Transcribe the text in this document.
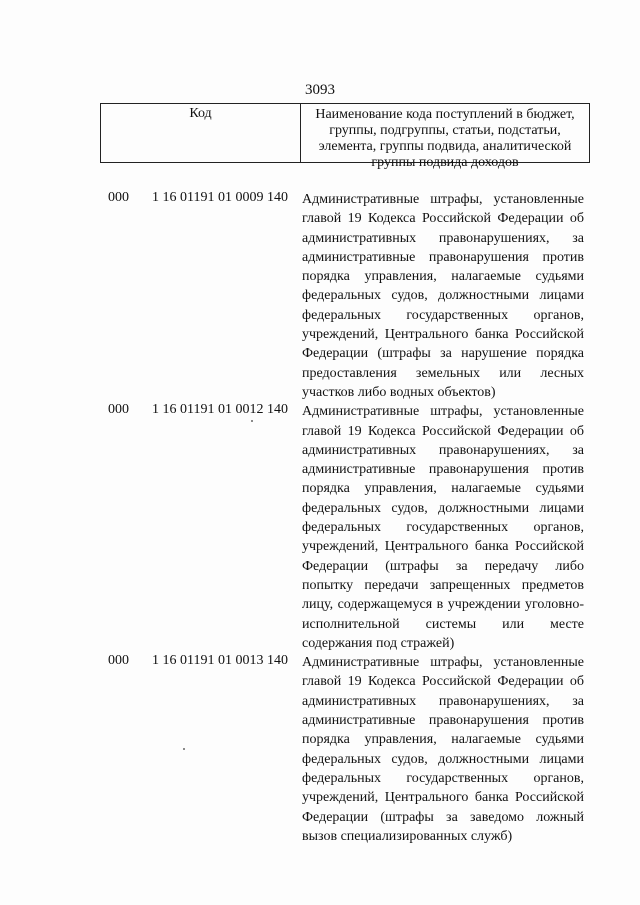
3093
Код	Наименование кода поступлений в бюджет, группы, подгруппы, статьи, подстатьи, элемента, группы подвида, аналитической группы подвида доходов
000	1 16 01191 01 0009 140 Административные штрафы, установленные главой 19 Кодекса Российской Федерации об административных правонарушениях, за административные правонарушения против порядка управления, налагаемые судьями федеральных судов, должностными лицами федеральных государственных органов, учреждений, Центрального банка Российской Федерации (штрафы за нарушение порядка предоставления земельных или лесных участков либо водных объектов)
000	1 16 01191 01 0012 140 Административные штрафы, установленные главой 19 Кодекса Российской Федерации об административных правонарушениях, за административные правонарушения против порядка управления, налагаемые судьями федеральных судов, должностными лицами федеральных государственных органов, учреждений, Центрального банка Российской Федерации (штрафы за передачу либо попытку передачи запрещенных предметов лицу, содержащемуся в учреждении уголовно-исполнительной системы или месте содержания под стражей)
000	1 16 01191 01 0013 140 Административные штрафы, установленные главой 19 Кодекса Российской Федерации об административных правонарушениях, за административные правонарушения против порядка управления, налагаемые судьями федеральных судов, должностными лицами федеральных государственных органов, учреждений, Центрального банка Российской Федерации (штрафы за заведомо ложный вызов специализированных служб)
